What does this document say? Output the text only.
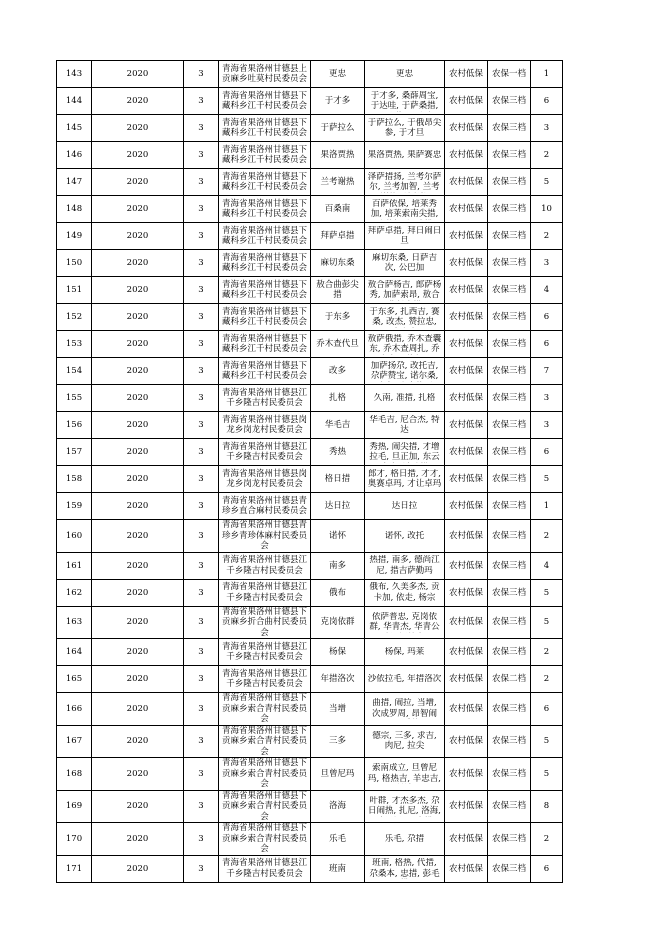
143	2020	3	青海省果洛州甘德县上贡麻乡吐莫村民委员会	更忠	更忠	农村低保	农保一档	1
144	2020	3	青海省果洛州甘德县下藏科乡江千村民委员会	于才多	于才多, 桑薛周宝, 于达哇, 于萨桑措,	农村低保	农保三档	6
145	2020	3	青海省果洛州甘德县下藏科乡江千村民委员会	于萨拉么	于萨拉么, 于俄昂尖参, 于才旦	农村低保	农保三档	3
146	2020	3	青海省果洛州甘德县下藏科乡江千村民委员会	果洛贾热	果洛贾热, 果萨赛忠	农村低保	农保三档	2
147	2020	3	青海省果洛州甘德县下藏科乡江千村民委员会	兰考谢热	泽萨措扬, 兰考尔萨尔, 兰考加智, 兰考	农村低保	农保三档	5
148	2020	3	青海省果洛州甘德县下藏科乡江千村民委员会	百桑南	百萨依保, 培莱秀加, 培莱索南尖措,	农村低保	农保三档	10
149	2020	3	青海省果洛州甘德县下藏科乡江千村民委员会	拜萨卓措	拜萨卓措, 拜日闹日旦	农村低保	农保三档	2
150	2020	3	青海省果洛州甘德县下藏科乡江千村民委员会	麻切东桑	麻切东桑, 日萨吉次, 公巴加	农村低保	农保三档	3
151	2020	3	青海省果洛州甘德县下藏科乡江千村民委员会	敖合曲彭尖措	敖合萨杨吉, 郎萨杨秀, 加萨索昂, 敖合	农村低保	农保三档	4
152	2020	3	青海省果洛州甘德县下藏科乡江千村民委员会	于东多	于东多, 扎西吉, 赛桑, 改杰, 赞拉忠,	农村低保	农保三档	6
153	2020	3	青海省果洛州甘德县下藏科乡江千村民委员会	乔木查代旦	敖萨俄措, 乔木查囊东, 乔木查周扎, 乔	农村低保	农保三档	6
154	2020	3	青海省果洛州甘德县下藏科乡江千村民委员会	改多	加萨扬尕, 改托吉, 尕萨赞宝, 诺尔桑,	农村低保	农保三档	7
155	2020	3	青海省果洛州甘德县江千乡隆吉村民委员会	扎格	久南, 准措, 扎格	农村低保	农保三档	3
156	2020	3	青海省果洛州甘德县岗龙乡岗龙村民委员会	华毛吉	华毛吉, 尼合杰, 特达	农村低保	农保三档	3
157	2020	3	青海省果洛州甘德县江千乡隆吉村民委员会	秀热	秀热, 闹尖措, 才增拉毛, 旦正加, 东云	农村低保	农保三档	6
158	2020	3	青海省果洛州甘德县岗龙乡岗龙村民委员会	格日措	郎才, 格日措, 才才, 奥赛卓玛, 才让卓玛	农村低保	农保三档	5
159	2020	3	青海省果洛州甘德县青珍乡直合麻村民委员会	达日拉	达日拉	农村低保	农保三档	1
160	2020	3	青海省果洛州甘德县青珍乡青珍体麻村民委员会	诺怀	诺怀, 改托	农村低保	农保三档	2
161	2020	3	青海省果洛州甘德县江千乡隆吉村民委员会	南多	热措, 南多, 德尚江尼, 措吉萨勤玛	农村低保	农保三档	4
162	2020	3	青海省果洛州甘德县江千乡隆吉村民委员会	俄布	俄布, 久美多杰, 贡卡加, 依走, 杨宗	农村低保	农保三档	5
163	2020	3	青海省果洛州甘德县下贡麻乡折合曲村民委员会	克岗依群	依萨普忠, 克岗依群, 华青杰, 华青公	农村低保	农保三档	5
164	2020	3	青海省果洛州甘德县江千乡隆吉村民委员会	杨保	杨保, 玛莱	农村低保	农保三档	2
165	2020	3	青海省果洛州甘德县江千乡隆吉村民委员会	年措洛次	沙依拉毛, 年措洛次	农村低保	农保二档	2
166	2020	3	青海省果洛州甘德县下贡麻乡索合青村民委员会	当增	曲措, 闹拉, 当增, 次成罗周, 昂智闹	农村低保	农保三档	6
167	2020	3	青海省果洛州甘德县下贡麻乡索合青村民委员会	三多	德宗, 三多, 求吉, 肉尼, 拉尖	农村低保	农保三档	5
168	2020	3	青海省果洛州甘德县下贡麻乡索合青村民委员会	旦曾尼玛	索南成立, 旦曾尼玛, 格热吉, 羊忠吉,	农村低保	农保三档	5
169	2020	3	青海省果洛州甘德县下贡麻乡索合青村民委员会	洛海	叶群, 才杰多杰, 尕日闹热, 扎尼, 洛海,	农村低保	农保三档	8
170	2020	3	青海省果洛州甘德县下贡麻乡索合青村民委员会	乐毛	乐毛, 尕措	农村低保	农保三档	2
171	2020	3	青海省果洛州甘德县江千乡隆吉村民委员会	班南	班南, 格热, 代措, 尕桑本, 忠措, 彭毛	农村低保	农保三档	6
